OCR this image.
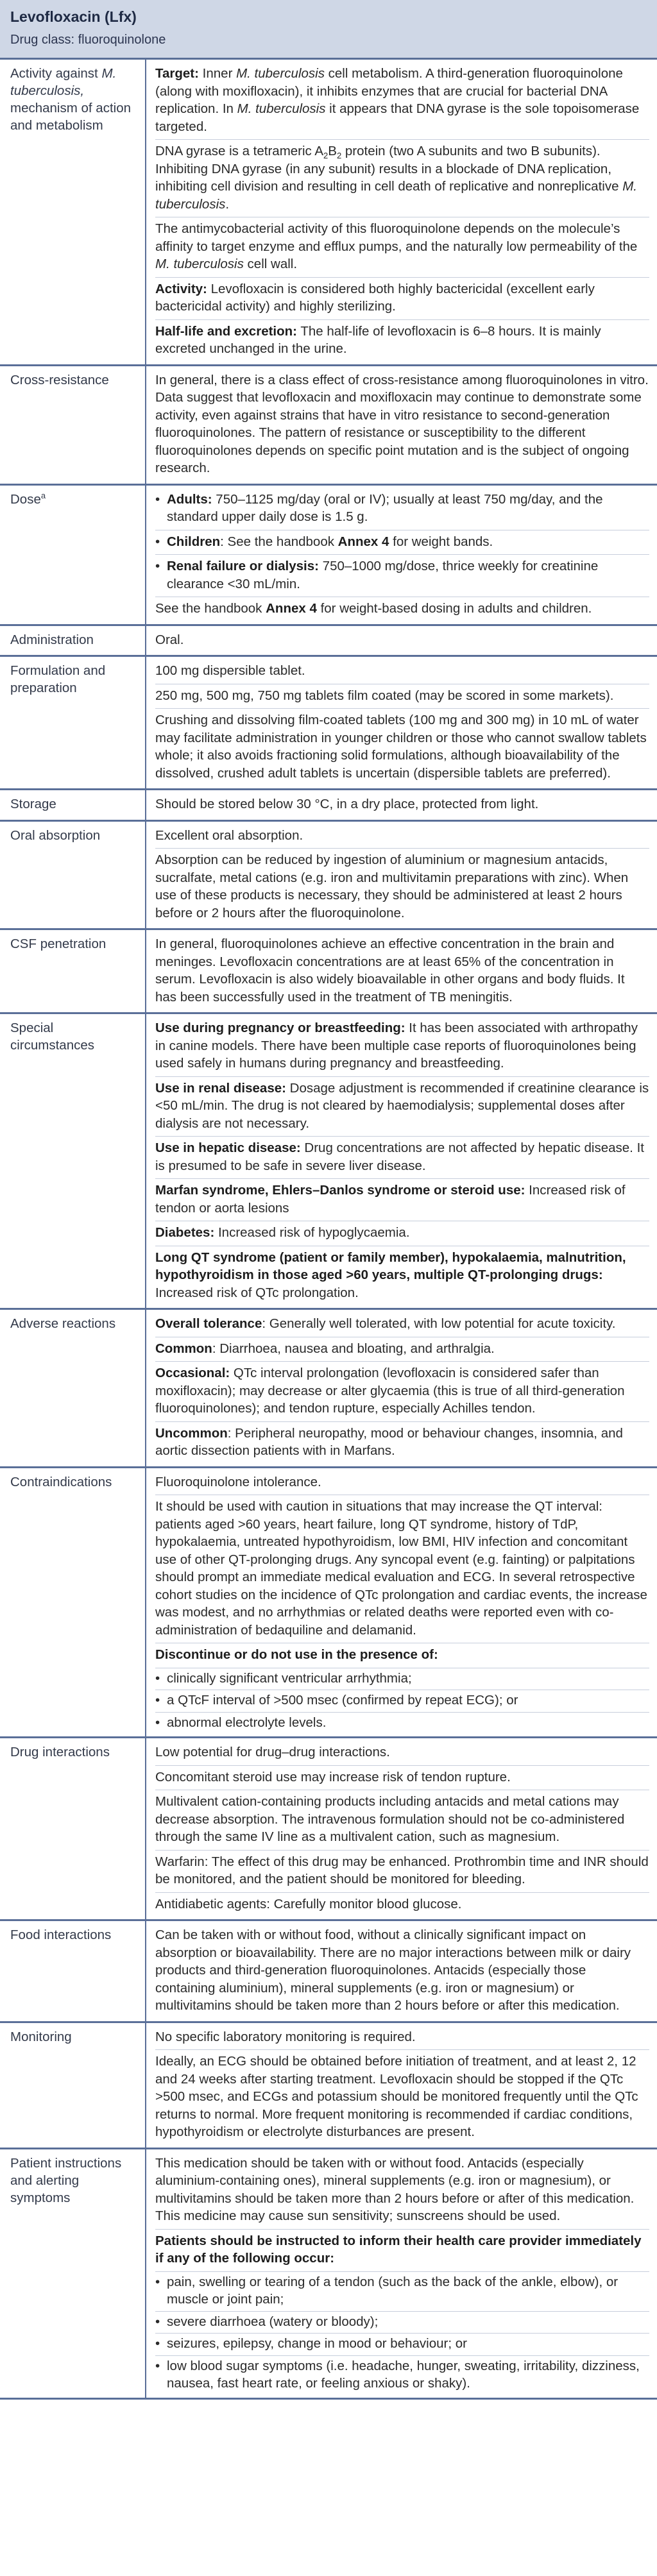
Levofloxacin (Lfx)
Drug class: fluoroquinolone
Activity against M. tuberculosis, mechanism of action and metabolism
Target: Inner M. tuberculosis cell metabolism. A third-generation fluoroquinolone (along with moxifloxacin), it inhibits enzymes that are crucial for bacterial DNA replication. In M. tuberculosis it appears that DNA gyrase is the sole topoisomerase targeted.
DNA gyrase is a tetrameric $A_2B_2$ protein (two A subunits and two B subunits). Inhibiting DNA gyrase (in any subunit) results in a blockade of DNA replication, inhibiting cell division and resulting in cell death of replicative and nonreplicative M. tuberculosis.
The antimycobacterial activity of this fluoroquinolone depends on the molecule’s affinity to target enzyme and efflux pumps, and the naturally low permeability of the M. tuberculosis cell wall.
Activity: Levofloxacin is considered both highly bactericidal (excellent early bactericidal activity) and highly sterilizing.
Half-life and excretion: The half-life of levofloxacin is 6–8 hours. It is mainly excreted unchanged in the urine.
Cross-resistance	In general, there is a class effect of cross-resistance among fluoroquinolones in vitro. Data suggest that levofloxacin and moxifloxacin may continue to demonstrate some activity, even against strains that have in vitro resistance to second-generation fluoroquinolones. The pattern of resistance or susceptibility to the different fluoroquinolones depends on specific point mutation and is the subject of ongoing research.
Dose$^a$
•	Adults: 750–1125 mg/day (oral or IV); usually at least 750 mg/day, and the standard upper daily dose is 1.5 g.
• Children: See the handbook Annex 4 for weight bands.
• Renal failure or dialysis: 750–1000 mg/dose, thrice weekly for creatinine clearance <30 mL/min.
See the handbook Annex 4 for weight-based dosing in adults and children.
Administration	Oral.
Formulation and preparation
100 mg dispersible tablet.
250 mg, 500 mg, 750 mg tablets film coated (may be scored in some markets).
Crushing and dissolving film-coated tablets (100 mg and 300 mg) in 10 mL of water may facilitate administration in younger children or those who cannot swallow tablets whole; it also avoids fractioning solid formulations, although bioavailability of the dissolved, crushed adult tablets is uncertain (dispersible tablets are preferred).
Storage	Should be stored below 30 °C, in a dry place, protected from light.
Oral absorption	Excellent oral absorption.
Absorption can be reduced by ingestion of aluminium or magnesium antacids, sucralfate, metal cations (e.g. iron and multivitamin preparations with zinc). When use of these products is necessary, they should be administered at least 2 hours before or 2 hours after the fluoroquinolone.
CSF penetration	In general, fluoroquinolones achieve an effective concentration in the brain and meninges. Levofloxacin concentrations are at least 65% of the concentration in serum. Levofloxacin is also widely bioavailable in other organs and body fluids. It has been successfully used in the treatment of TB meningitis.
Special circumstances
Use during pregnancy or breastfeeding: It has been associated with arthropathy in canine models. There have been multiple case reports of fluoroquinolones being used safely in humans during pregnancy and breastfeeding.
Use in renal disease: Dosage adjustment is recommended if creatinine clearance is <50 mL/min. The drug is not cleared by haemodialysis; supplemental doses after dialysis are not necessary.
Use in hepatic disease: Drug concentrations are not affected by hepatic disease. It is presumed to be safe in severe liver disease.
Marfan syndrome, Ehlers–Danlos syndrome or steroid use: Increased risk of tendon or aorta lesions
Diabetes: Increased risk of hypoglycaemia.
Long QT syndrome (patient or family member), hypokalaemia, malnutrition, hypothyroidism in those aged >60 years, multiple QT-prolonging drugs: Increased risk of QTc prolongation.
Adverse reactions	Overall tolerance: Generally well tolerated, with low potential for acute toxicity.
Common: Diarrhoea, nausea and bloating, and arthralgia.
Occasional: QTc interval prolongation (levofloxacin is considered safer than moxifloxacin); may decrease or alter glycaemia (this is true of all third-generation fluoroquinolones); and tendon rupture, especially Achilles tendon.
Uncommon: Peripheral neuropathy, mood or behaviour changes, insomnia, and aortic dissection patients with in Marfans.
Contraindications	Fluoroquinolone intolerance.
It should be used with caution in situations that may increase the QT interval: patients aged >60 years, heart failure, long QT syndrome, history of TdP, hypokalaemia, untreated hypothyroidism, low BMI, HIV infection and concomitant use of other QT-prolonging drugs. Any syncopal event (e.g. fainting) or palpitations should prompt an immediate medical evaluation and ECG. In several retrospective cohort studies on the incidence of QTc prolongation and cardiac events, the increase was modest, and no arrhythmias or related deaths were reported even with co-administration of bedaquiline and delamanid.
Discontinue or do not use in the presence of:
• clinically significant ventricular arrhythmia;
• a QTcF interval of >500 msec (confirmed by repeat ECG); or
• abnormal electrolyte levels.
Drug interactions	Low potential for drug–drug interactions.
Concomitant steroid use may increase risk of tendon rupture.
Multivalent cation-containing products including antacids and metal cations may decrease absorption. The intravenous formulation should not be co-administered through the same IV line as a multivalent cation, such as magnesium.
Warfarin: The effect of this drug may be enhanced. Prothrombin time and INR should be monitored, and the patient should be monitored for bleeding.
Antidiabetic agents: Carefully monitor blood glucose.
Food interactions	Can be taken with or without food, without a clinically significant impact on absorption or bioavailability. There are no major interactions between milk or dairy products and third-generation fluoroquinolones. Antacids (especially those containing aluminium), mineral supplements (e.g. iron or magnesium) or multivitamins should be taken more than 2 hours before or after this medication.
Monitoring	No specific laboratory monitoring is required.
Ideally, an ECG should be obtained before initiation of treatment, and at least 2, 12 and 24 weeks after starting treatment. Levofloxacin should be stopped if the QTc >500 msec, and ECGs and potassium should be monitored frequently until the QTc returns to normal. More frequent monitoring is recommended if cardiac conditions, hypothyroidism or electrolyte disturbances are present.
Patient instructions and alerting symptoms
This medication should be taken with or without food. Antacids (especially aluminium-containing ones), mineral supplements (e.g. iron or magnesium), or multivitamins should be taken more than 2 hours before or after of this medication. This medicine may cause sun sensitivity; sunscreens should be used.
Patients should be instructed to inform their health care provider immediately if any of the following occur:
• pain, swelling or tearing of a tendon (such as the back of the ankle, elbow), or muscle or joint pain;
• severe diarrhoea (watery or bloody);
• seizures, epilepsy, change in mood or behaviour; or
• low blood sugar symptoms (i.e. headache, hunger, sweating, irritability, dizziness, nausea, fast heart rate, or feeling anxious or shaky).
